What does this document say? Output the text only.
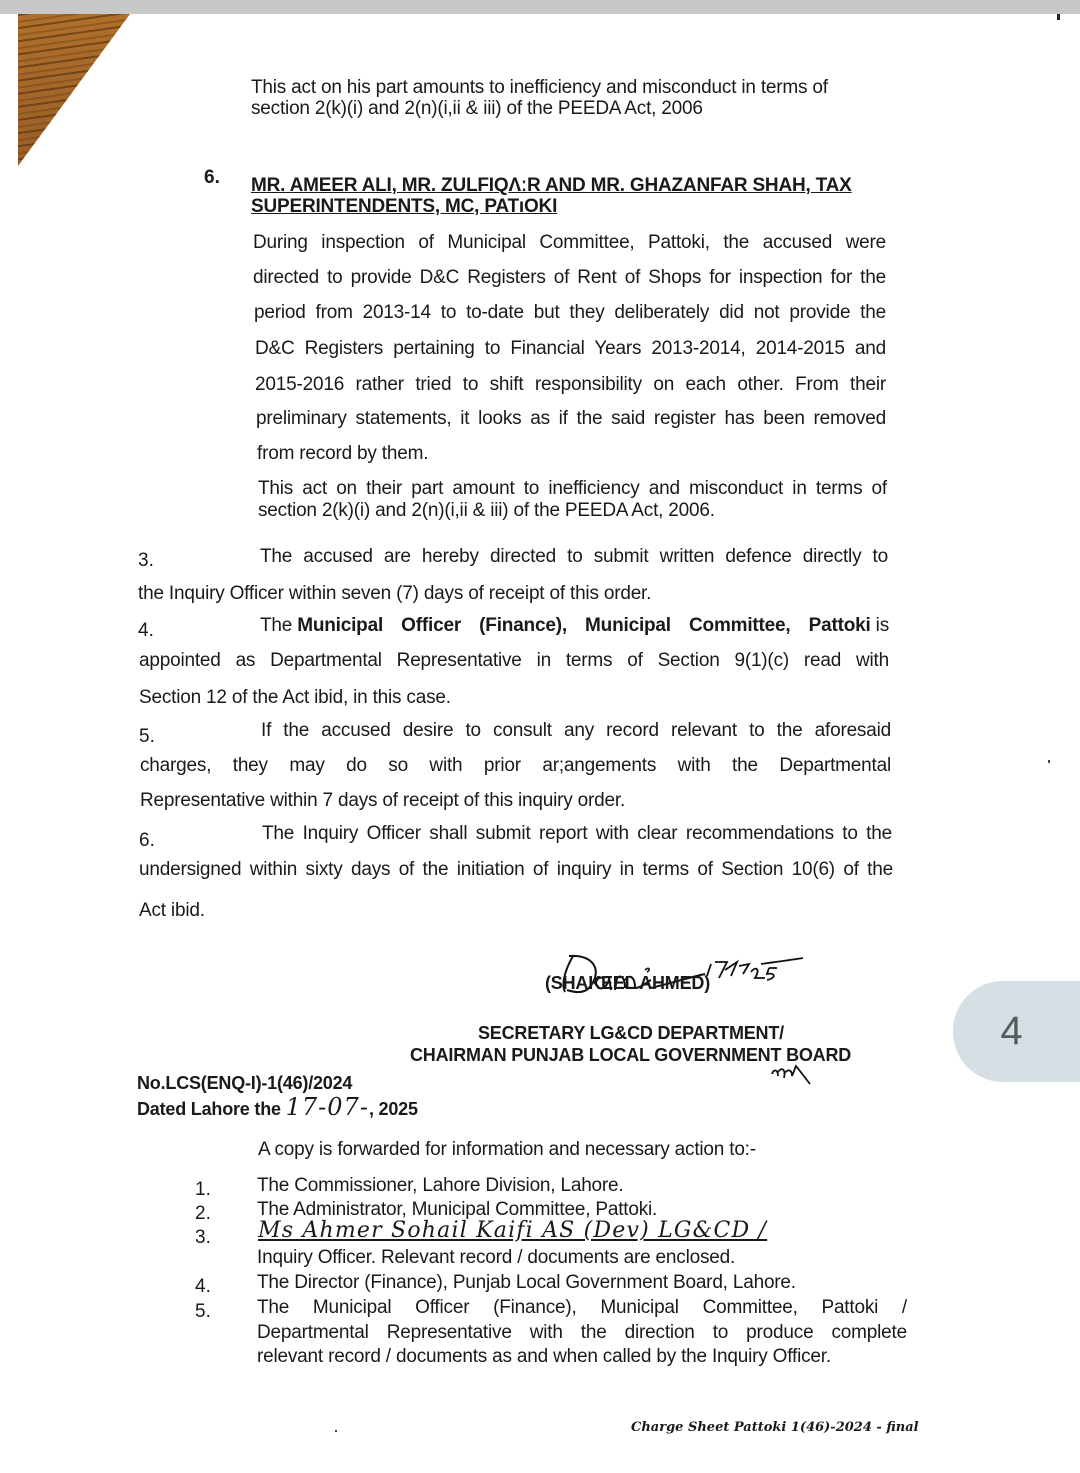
This act on his part amounts to inefficiency and misconduct in terms of
section 2(k)(i) and 2(n)(i,ii & iii) of the PEEDA Act, 2006
6. MR. AMEER ALI, MR. ZULFIQΛːR AND MR. GHAZANFAR SHAH, TAX
SUPERINTENDENTS, MC, PATıOKI
During inspection of Municipal Committee, Pattoki, the accused were
directed to provide D&C Registers of Rent of Shops for inspection for the
period from 2013-14 to to-date but they deliberately did not provide the
D&C Registers pertaining to Financial Years 2013-2014, 2014-2015 and
2015-2016 rather tried to shift responsibility on each other. From their
preliminary statements, it looks as if the said register has been removed
from record by them.
This act on their part amount to inefficiency and misconduct in terms of
section 2(k)(i) and 2(n)(i,ii & iii) of the PEEDA Act, 2006.
3.	The accused are hereby directed to submit written defence directly to
the Inquiry Officer within seven (7) days of receipt of this order.
4.	The Municipal Officer (Finance), Municipal Committee, Pattoki is
appointed as Departmental Representative in terms of Section 9(1)(c) read with
Section 12 of the Act ibid, in this case.
5.	If the accused desire to consult any record relevant to the aforesaid
charges, they may do so with prior ar;angements with the Departmental
Representative within 7 days of receipt of this inquiry order.
6.	The Inquiry Officer shall submit report with clear recommendations to the
undersigned within sixty days of the initiation of inquiry in terms of Section 10(6) of the
Act ibid.
(SHAKEEL AHMED)
SECRETARY LG&CD DEPARTMENT/
CHAIRMAN PUNJAB LOCAL GOVERNMENT BOARD
4
No.LCS(ENQ-I)-1(46)/2024
Dated Lahore the 17-07-, 2025
A copy is forwarded for information and necessary action to:-
1. The Commissioner, Lahore Division, Lahore.
2. The Administrator, Municipal Committee, Pattoki.
3. Ms Ahmer Sohail Kaifi AS (Dev) LG&CD /
Inquiry Officer. Relevant record / documents are enclosed.
4. The Director (Finance), Punjab Local Government Board, Lahore.
5. The Municipal Officer (Finance), Municipal Committee, Pattoki /
Departmental Representative with the direction to produce complete
relevant record / documents as and when called by the Inquiry Officer.
Charge Sheet Pattoki 1(46)-2024 - final
